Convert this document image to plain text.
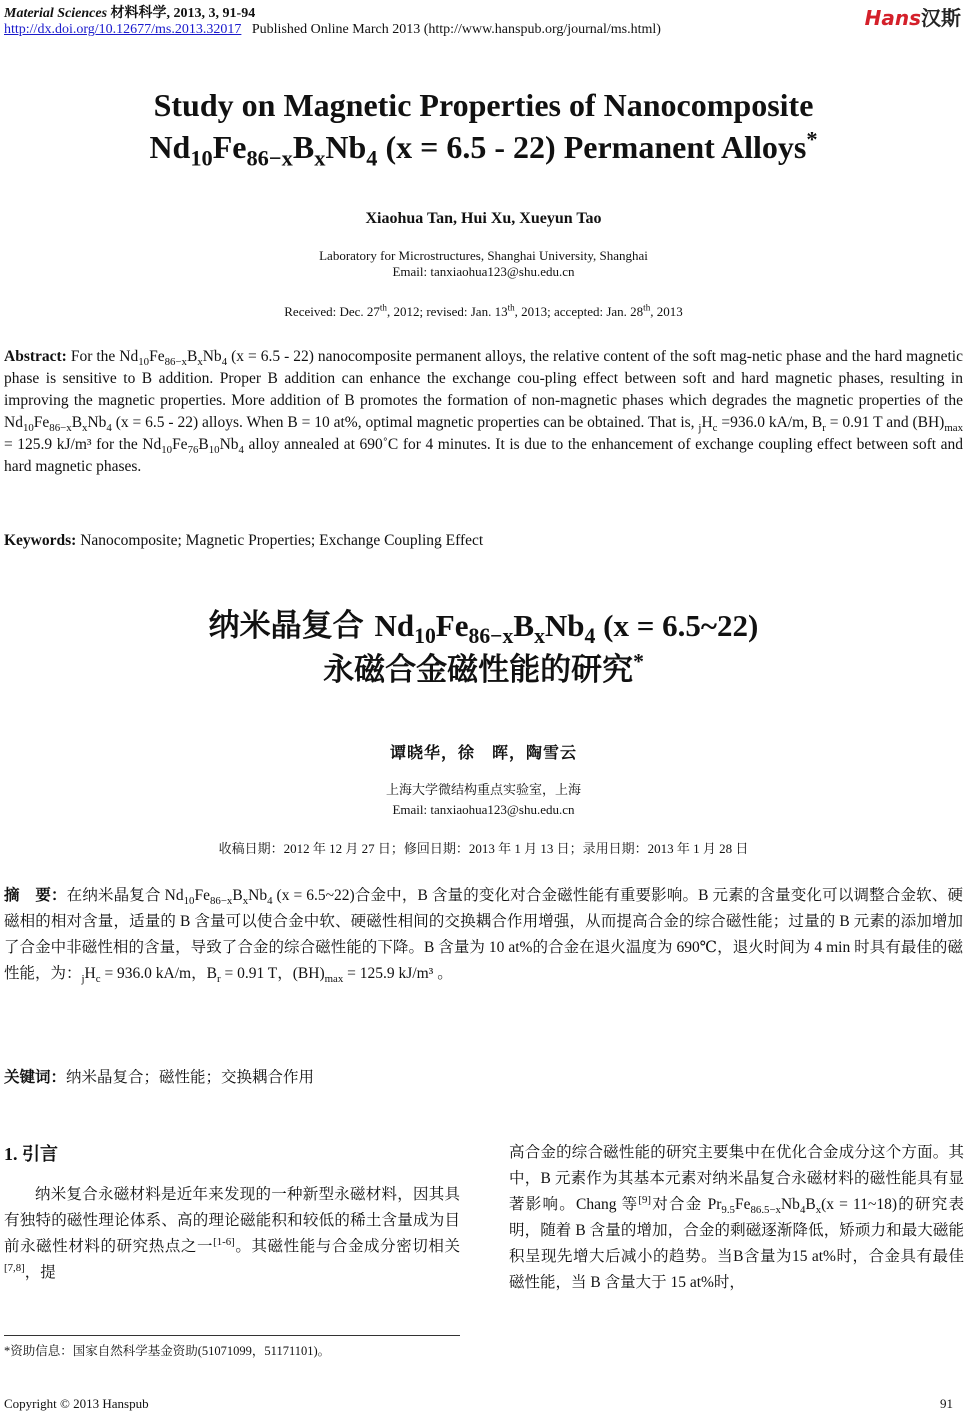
Material Sciences 材料科学, 2013, 3, 91-94
http://dx.doi.org/10.12677/ms.2013.32017 Published Online March 2013 (http://www.hanspub.org/journal/ms.html)	Hans汉斯
Study on Magnetic Properties of Nanocomposite
$Nd_{10}Fe_{86-x}B_xNb_4$ (x = 6.5 - 22) Permanent Alloys*
Xiaohua Tan, Hui Xu, Xueyun Tao
Laboratory for Microstructures, Shanghai University, Shanghai
Email: tanxiaohua123@shu.edu.cn
Received: Dec. 27th, 2012; revised: Jan. 13th, 2013; accepted: Jan. 28th, 2013
Abstract: For the $Nd_{10}Fe_{86-x}B_xNb_4$ (x = 6.5 - 22) nanocomposite permanent alloys, the relative content of the soft mag-netic phase and the hard magnetic phase is sensitive to B addition. Proper B addition can enhance the exchange cou-pling effect between soft and hard magnetic phases, resulting in improving the magnetic properties. More addition of B promotes the formation of non-magnetic phases which degrades the magnetic properties of the $Nd_{10}Fe_{86-x}B_xNb_4$ (x = 6.5 - 22) alloys. When B = 10 at%, optimal magnetic properties can be obtained. That is, $_jH_c =936.0$ kA/m, $B_r = 0.91$ T and $(BH)_{max} = 125.9$ kJ/m³ for the $Nd_{10}Fe_{76}B_{10}Nb_4$ alloy annealed at 690˚C for 4 minutes. It is due to the enhancement of exchange coupling effect between soft and hard magnetic phases.
Keywords: Nanocomposite; Magnetic Properties; Exchange Coupling Effect
纳米晶复合 $Nd_{10}Fe_{86-x}B_xNb_4$ (x = 6.5~22)
永磁合金磁性能的研究*
谭晓华，徐　晖，陶雪云
上海大学微结构重点实验室，上海
Email: tanxiaohua123@shu.edu.cn
收稿日期：2012 年 12 月 27 日；修回日期：2013 年 1 月 13 日；录用日期：2013 年 1 月 28 日
摘　要：在纳米晶复合 $Nd_{10}Fe_{86-x}B_xNb_4$ (x = 6.5~22)合金中，B 含量的变化对合金磁性能有重要影响。B 元素的含量变化可以调整合金软、硬磁相的相对含量，适量的 B 含量可以使合金中软、硬磁性相间的交换耦合作用增强，从而提高合金的综合磁性能；过量的 B 元素的添加增加了合金中非磁性相的含量，导致了合金的综合磁性能的下降。B 含量为 10 at%的合金在退火温度为 690℃，退火时间为 4 min 时具有最佳的磁性能，为：$_jH_c = 936.0$ kA/m，$B_r = 0.91$ T，$(BH)_{max} = 125.9$ kJ/m³ 。
关键词：纳米晶复合；磁性能；交换耦合作用
1. 引言
纳米复合永磁材料是近年来发现的一种新型永磁材料，因其具有独特的磁性理论体系、高的理论磁能积和较低的稀土含量成为目前永磁性材料的研究热点之一[1-6]。其磁性能与合金成分密切相关[7,8]，提
高合金的综合磁性能的研究主要集中在优化合金成分这个方面。其中，B 元素作为其基本元素对纳米晶复合永磁材料的磁性能具有显著影响。Chang 等[9]对合金 $Pr_{9.5}Fe_{86.5-x}Nb_4B_x(x$ = 11~18)的研究表明，随着 B 含量的增加，合金的剩磁逐渐降低，矫顽力和最大磁能积呈现先增大后减小的趋势。当B含量为15 at%时，合金具有最佳磁性能，当 B 含量大于 15 at%时，
*资助信息：国家自然科学基金资助(51071099，51171101)。
Copyright © 2013 Hanspub	91
